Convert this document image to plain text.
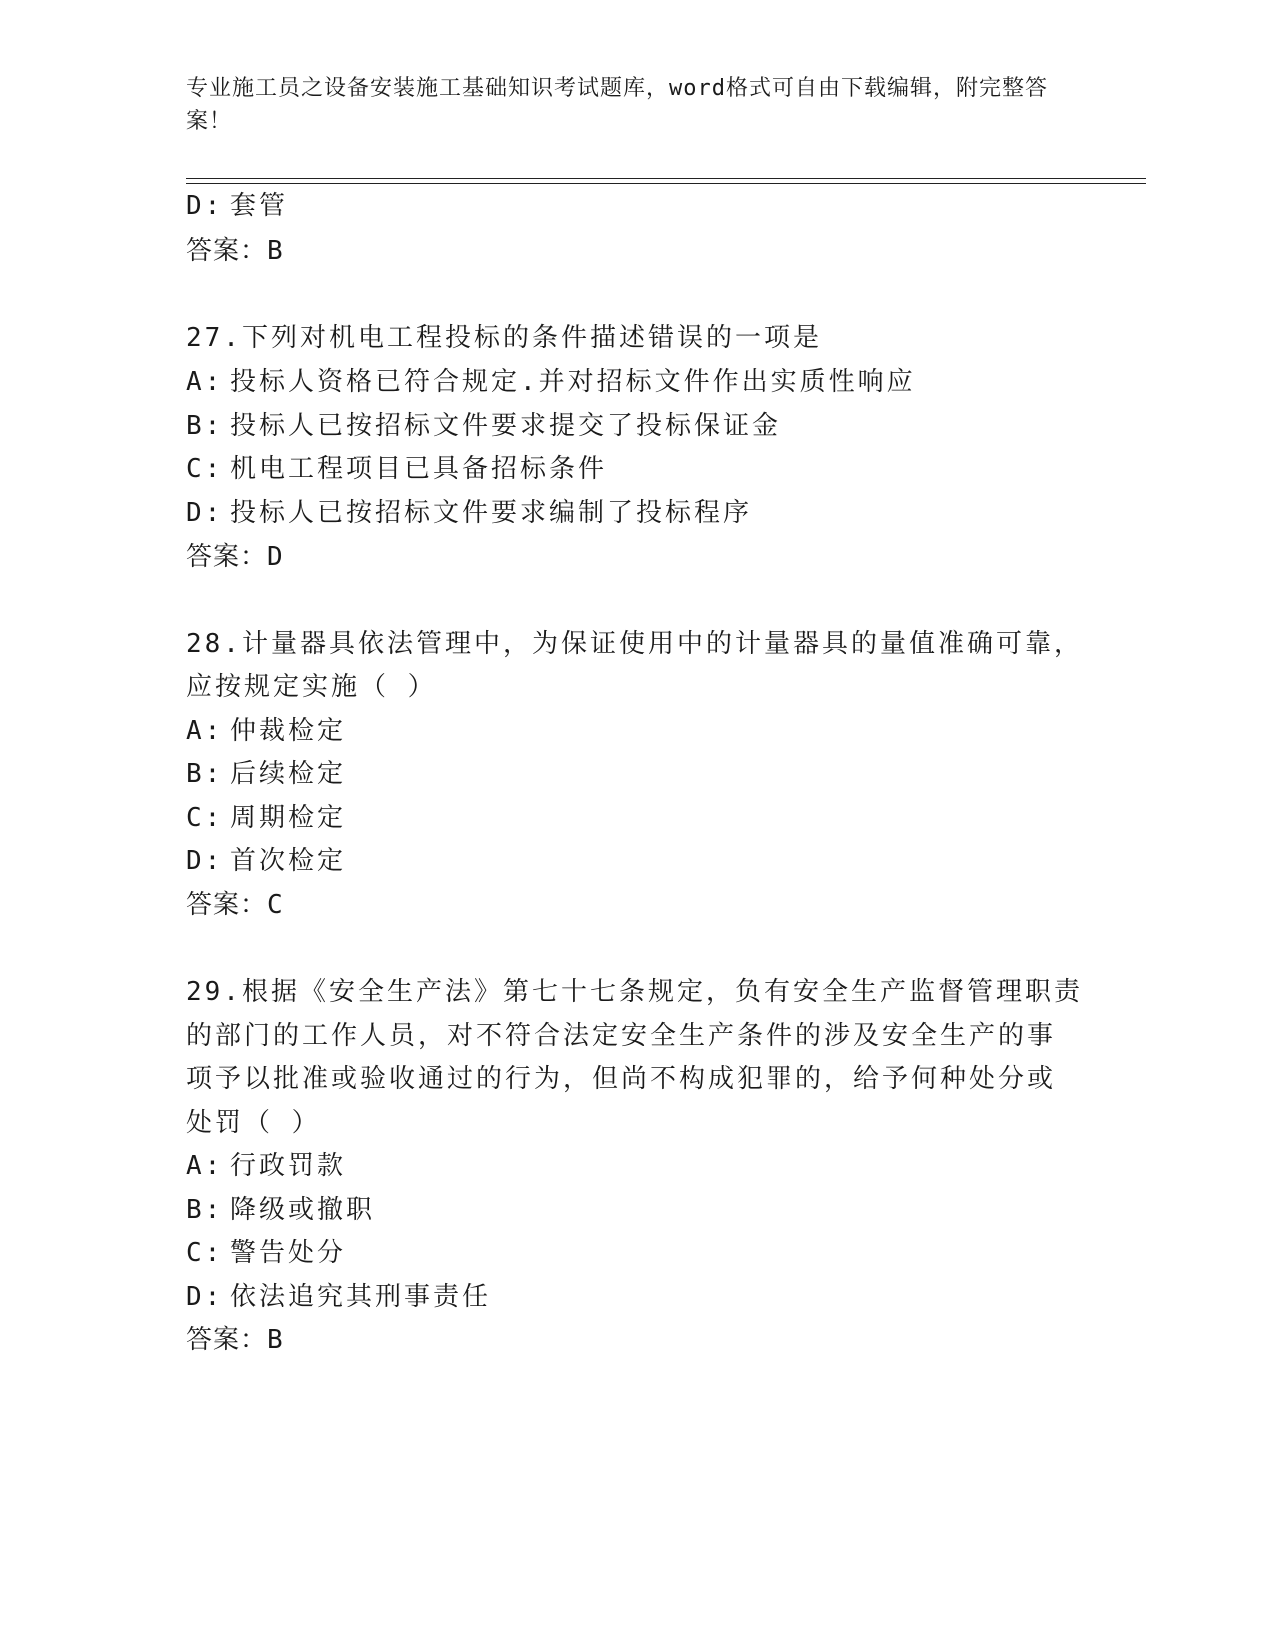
专业施工员之设备安装施工基础知识考试题库，word格式可自由下载编辑，附完整答案！
D: 套管
答案：B
27.下列对机电工程投标的条件描述错误的一项是
A: 投标人资格已符合规定.并对招标文件作出实质性响应
B: 投标人已按招标文件要求提交了投标保证金
C: 机电工程项目已具备招标条件
D: 投标人已按招标文件要求编制了投标程序
答案：D
28.计量器具依法管理中，为保证使用中的计量器具的量值准确可靠，
应按规定实施（ ）
A: 仲裁检定
B: 后续检定
C: 周期检定
D: 首次检定
答案：C
29.根据《安全生产法》第七十七条规定，负有安全生产监督管理职责
的部门的工作人员，对不符合法定安全生产条件的涉及安全生产的事
项予以批准或验收通过的行为，但尚不构成犯罪的，给予何种处分或
处罚（ ）
A: 行政罚款
B: 降级或撤职
C: 警告处分
D: 依法追究其刑事责任
答案：B
